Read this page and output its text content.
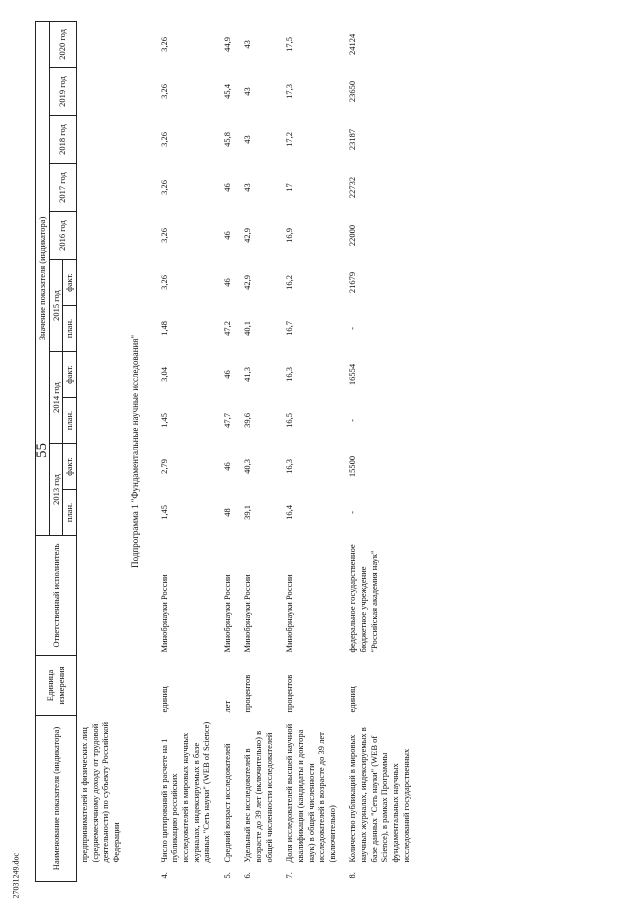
55
27031249.doc
Наименование показателя (индикатора)		Единица измерения	Ответственный исполнитель	Значение показателя (индикатора)										
				2013 год		2014 год		2015 год		2016 год	2017 год	2018 год	2019 год	2020 год
				план.	факт.	план.	факт.	план.	факт.					
	предпринимателей и физических лиц (среднемесячному доходу от трудовой деятельности) по субъекту Российской Федерации													
Подпрограмма 1 "Фундаментальные научные исследования"														
4.	Число цитирований в расчете на 1 публикацию российских исследователей в мировых научных журналах, индексируемых в базе данных "Сеть науки" (WEB of Science)	единиц	Минобрнауки России	1,45	2,79	1,45	3,04	1,48	3,26	3,26	3,26	3,26	3,26	3,26
5.	Средний возраст исследователей	лет	Минобрнауки России	48	46	47,7	46	47,2	46	46	46	45,8	45,4	44,9
6.	Удельный вес исследователей в возрасте до 39 лет (включительно) в общей численности исследователей	процентов	Минобрнауки России	39,1	40,3	39,6	41,3	40,1	42,9	42,9	43	43	43	43
7.	Доля исследователей высшей научной квалификации (кандидаты и доктора наук) в общей численности исследователей в возрасте до 39 лет (включительно)	процентов	Минобрнауки России	16,4	16,3	16,5	16,3	16,7	16,2	16,9	17	17,2	17,3	17,5
8.	Количество публикаций в мировых научных журналах, индексируемых в базе данных "Сеть науки" (WEB of Science), в рамках Программы фундаментальных научных исследований государственных	единиц	федеральное государственное бюджетное учреждение "Российская академия наук"	-	15500	-	16554	-	21679	22000	22732	23187	23650	24124
